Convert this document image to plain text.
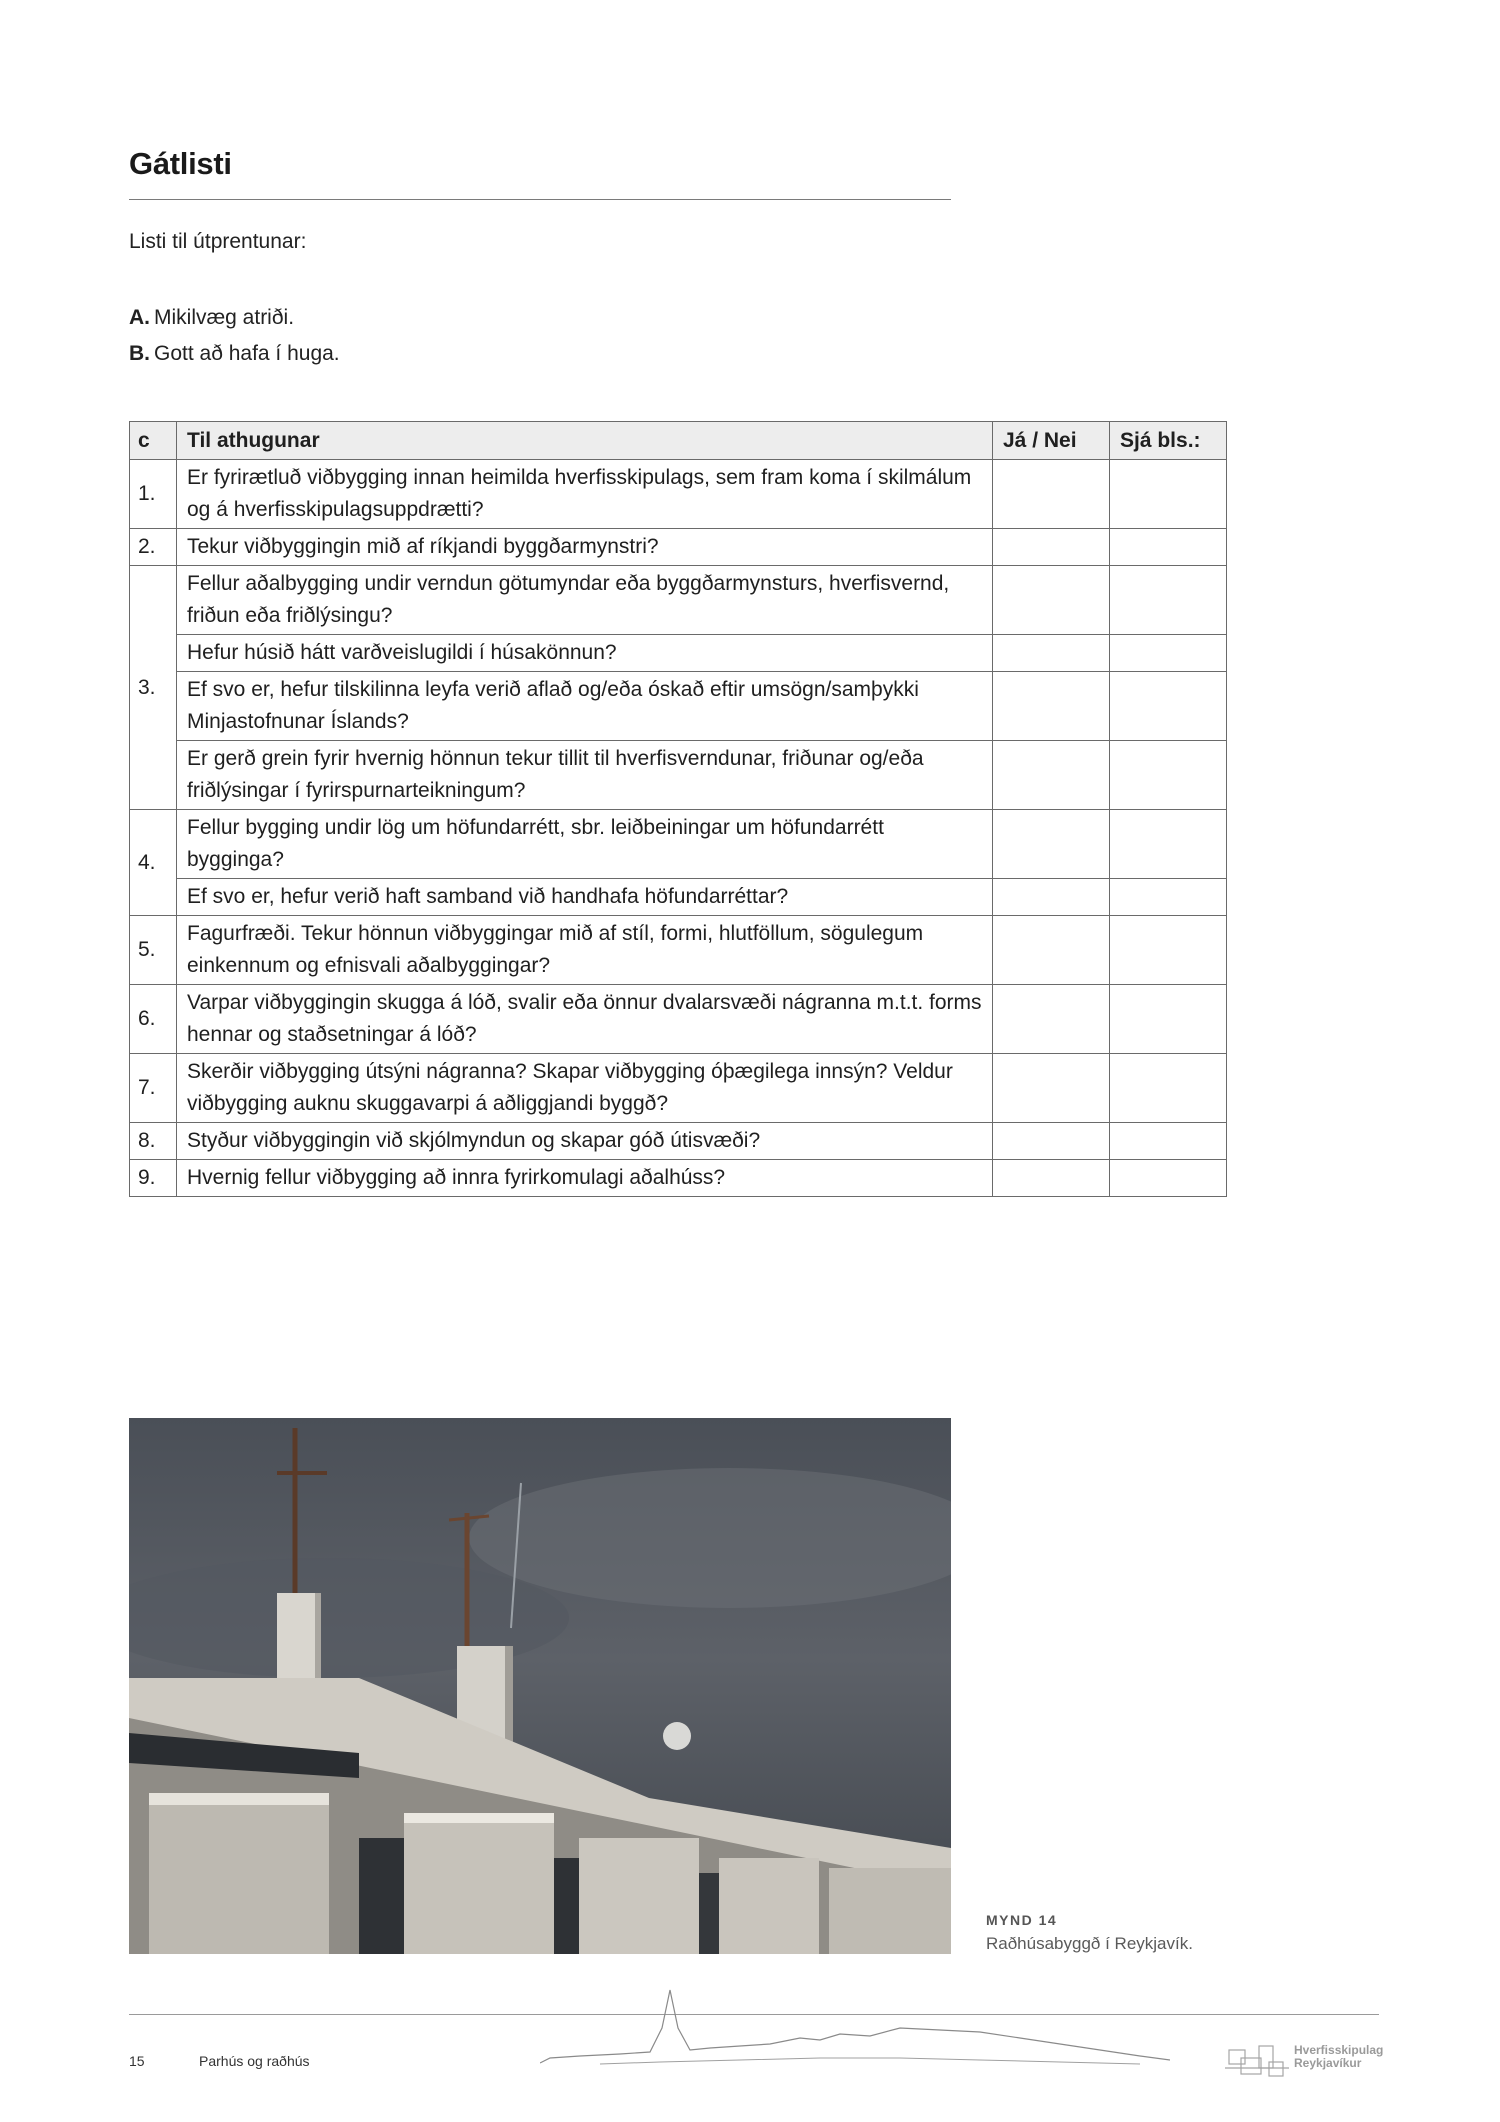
Gátlisti
Listi til útprentunar:
A. Mikilvæg atriði.
B. Gott að hafa í huga.
c	Til athugunar	Já / Nei	Sjá bls.:
1.	Er fyrirætluð viðbygging innan heimilda hverfisskipulags, sem fram koma í skilmálum og á hverfisskipulagsuppdrætti?		
2.	Tekur viðbyggingin mið af ríkjandi byggðarmynstri?		
3.	Fellur aðalbygging undir verndun götumyndar eða byggðarmynsturs, hverfisvernd, friðun eða friðlýsingu?		
	Hefur húsið hátt varðveislugildi í húsakönnun?		
	Ef svo er, hefur tilskilinna leyfa verið aflað og/eða óskað eftir umsögn/samþykki Minjastofnunar Íslands?		
	Er gerð grein fyrir hvernig hönnun tekur tillit til hverfisverndunar, friðunar og/eða friðlýsingar í fyrirspurnarteikningum?		
4.	Fellur bygging undir lög um höfundarrétt, sbr. leiðbeiningar um höfundarrétt bygginga?		
	Ef svo er, hefur verið haft samband við handhafa höfundarréttar?		
5.	Fagurfræði. Tekur hönnun viðbyggingar mið af stíl, formi, hlutföllum, sögulegum einkennum og efnisvali aðalbyggingar?		
6.	Varpar viðbyggingin skugga á lóð, svalir eða önnur dvalarsvæði nágranna m.t.t. forms hennar og staðsetningar á lóð?		
7.	Skerðir viðbygging útsýni nágranna? Skapar viðbygging óþægilega innsýn? Veldur viðbygging auknu skuggavarpi á aðliggjandi byggð?		
8.	Styður viðbyggingin við skjólmyndun og skapar góð útisvæði?		
9.	Hvernig fellur viðbygging að innra fyrirkomulagi aðalhúss?		
MYND 14
Raðhúsabyggð í Reykjavík.
15	Parhús og raðhús
Hverfisskipulag
Reykjavíkur
